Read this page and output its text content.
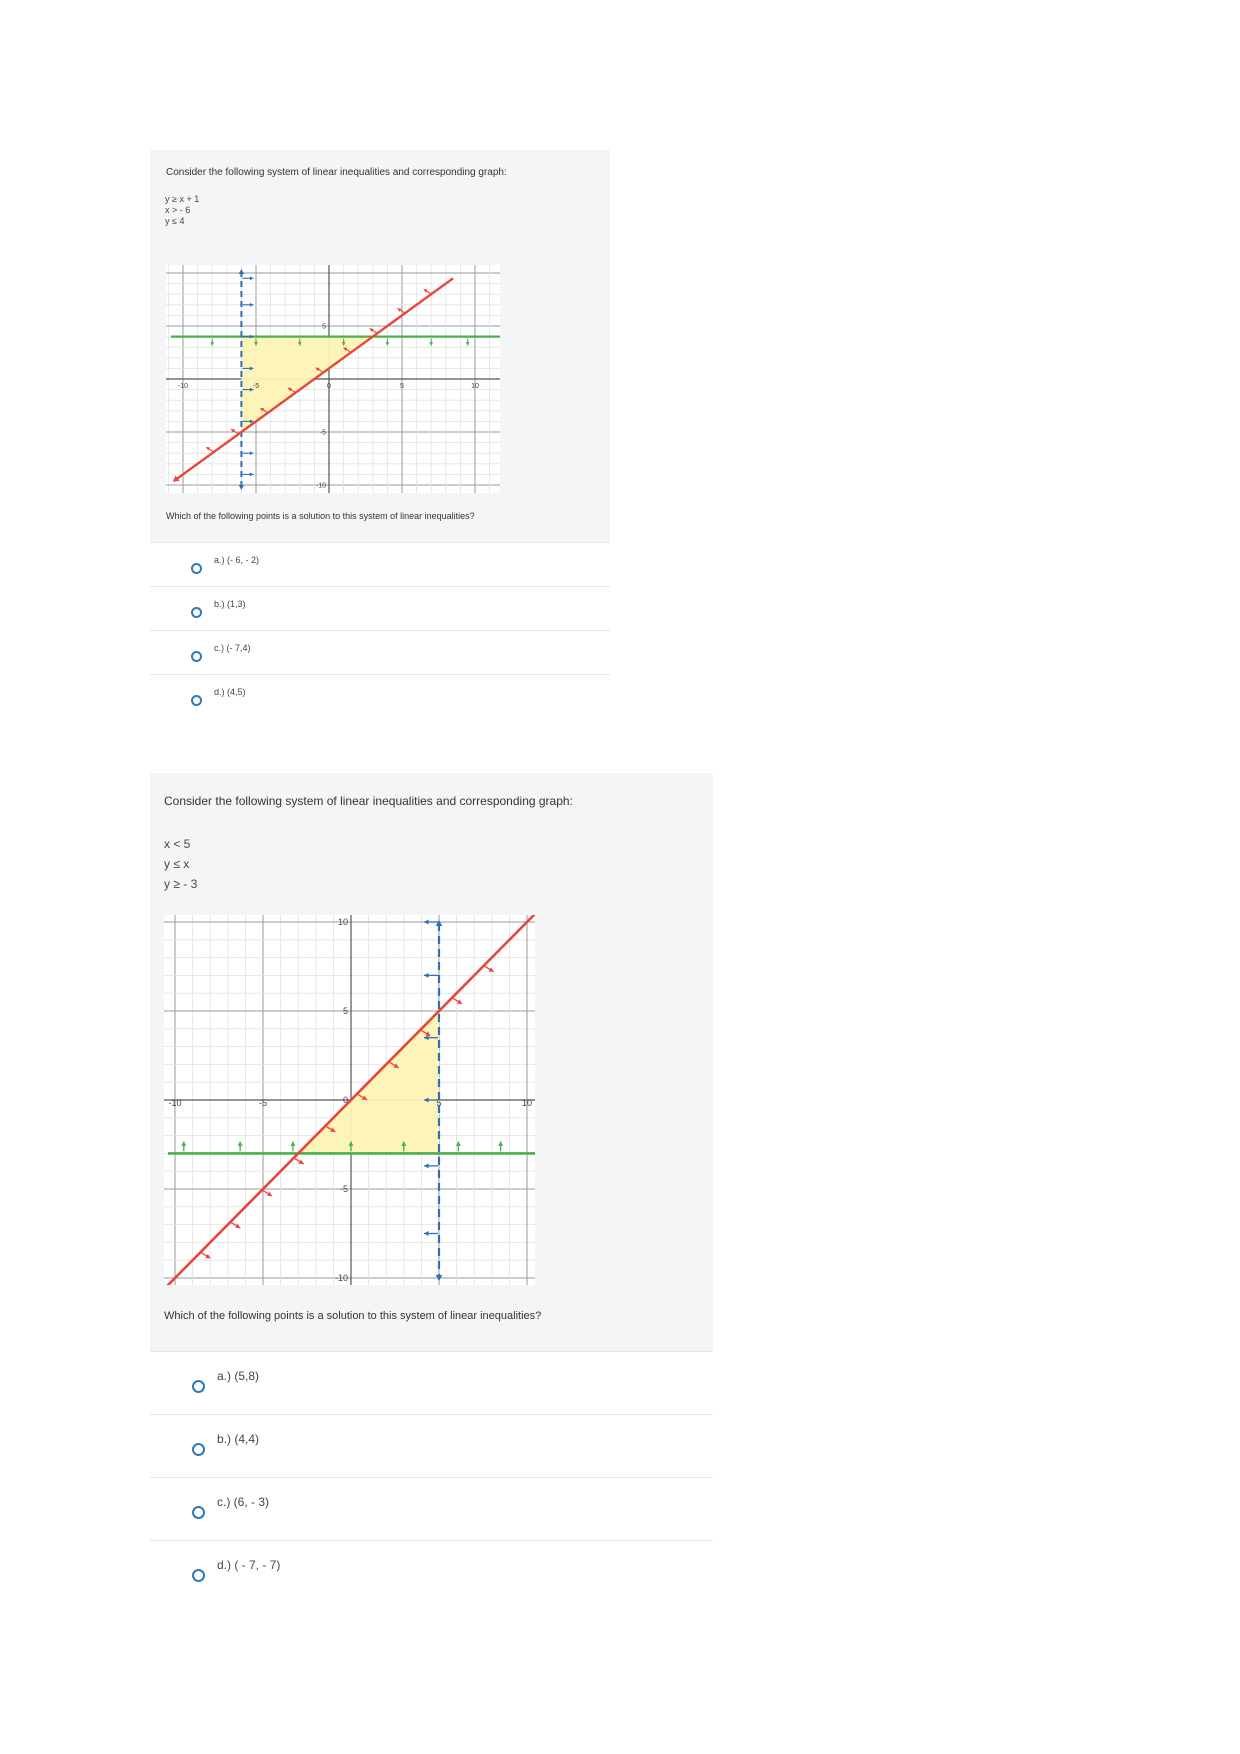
Consider the following system of linear inequalities and corresponding graph:
y ≥ x + 1
x > - 6
y ≤ 4
-10	-5	0	5	10
5
-5
-10
Which of the following points is a solution to this system of linear inequalities?
a.) (- 6, - 2)
b.) (1,3)
c.) (- 7,4)
d.) (4,5)
Consider the following system of linear inequalities and corresponding graph:
x < 5
y ≤ x
y ≥ - 3
-10	-5	5	10
10
5
0
-5
-10
Which of the following points is a solution to this system of linear inequalities?
a.) (5,8)
b.) (4,4)
c.) (6, - 3)
d.) ( - 7, - 7)
